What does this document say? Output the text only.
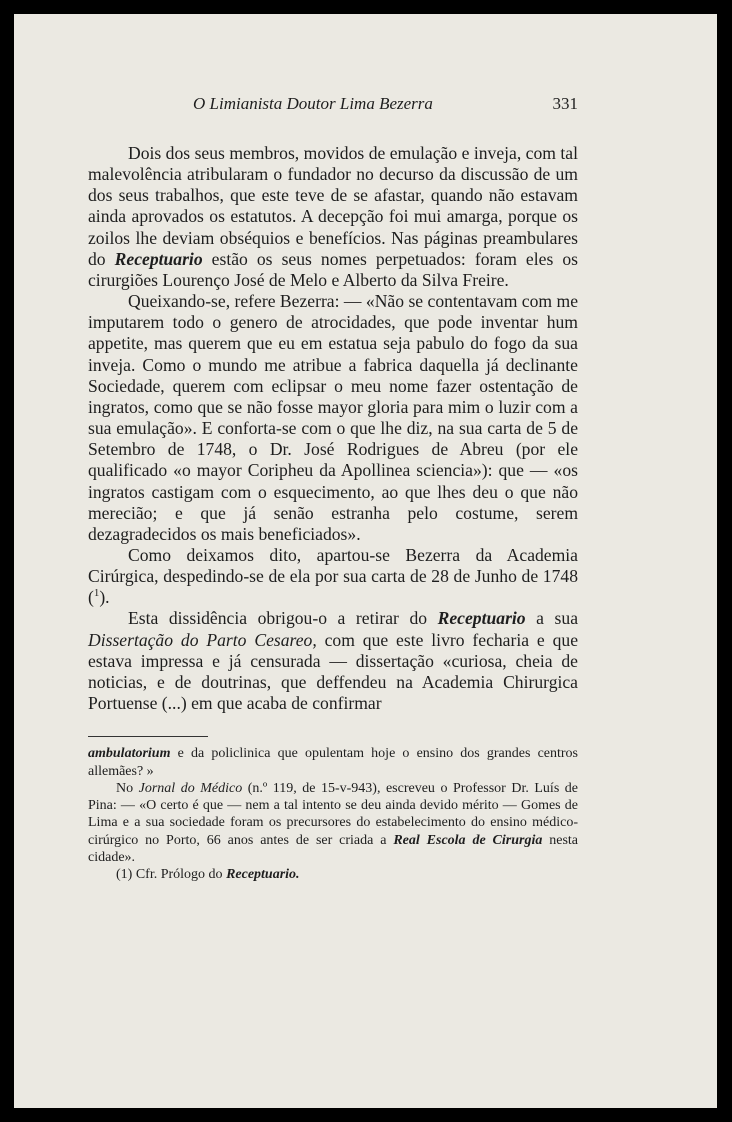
O Limianista Doutor Lima Bezerra	331

Dois dos seus membros, movidos de emulação e inveja, com tal malevolência atribularam o fundador no decurso da discussão de um dos seus trabalhos, que este teve de se afastar, quando não estavam ainda aprovados os estatutos. A decepção foi mui amarga, porque os zoilos lhe deviam obséquios e benefícios. Nas páginas preambulares do Receptuario estão os seus nomes perpetuados: foram eles os cirurgiões Lourenço José de Melo e Alberto da Silva Freire.

Queixando-se, refere Bezerra: — «Não se contentavam com me imputarem todo o genero de atrocidades, que pode inventar hum appetite, mas querem que eu em estatua seja pabulo do fogo da sua inveja. Como o mundo me atribue a fabrica daquella já declinante Sociedade, querem com eclipsar o meu nome fazer ostentação de ingratos, como que se não fosse mayor gloria para mim o luzir com a sua emulação». E conforta-se com o que lhe diz, na sua carta de 5 de Setembro de 1748, o Dr. José Rodrigues de Abreu (por ele qualificado «o mayor Coripheu da Apollinea sciencia»): que — «os ingratos castigam com o esquecimento, ao que lhes deu o que não merecião; e que já senão estranha pelo costume, serem dezagradecidos os mais beneficiados».

Como deixamos dito, apartou-se Bezerra da Academia Cirúrgica, despedindo-se de ela por sua carta de 28 de Junho de 1748 ($^1$).

Esta dissidência obrigou-o a retirar do Receptuario a sua Dissertação do Parto Cesareo, com que este livro fecharia e que estava impressa e já censurada — dissertação «curiosa, cheia de noticias, e de doutrinas, que deffendeu na Academia Chirurgica Portuense (...) em que acaba de confirmar

ambulatorium e da policlinica que opulentam hoje o ensino dos grandes centros allemães? »

No Jornal do Médico (n.º 119, de 15-v-943), escreveu o Professor Dr. Luís de Pina: — «O certo é que — nem a tal intento se deu ainda devido mérito — Gomes de Lima e a sua sociedade foram os precursores do estabelecimento do ensino médico-cirúrgico no Porto, 66 anos antes de ser criada a Real Escola de Cirurgia nesta cidade».

(1) Cfr. Prólogo do Receptuario.
